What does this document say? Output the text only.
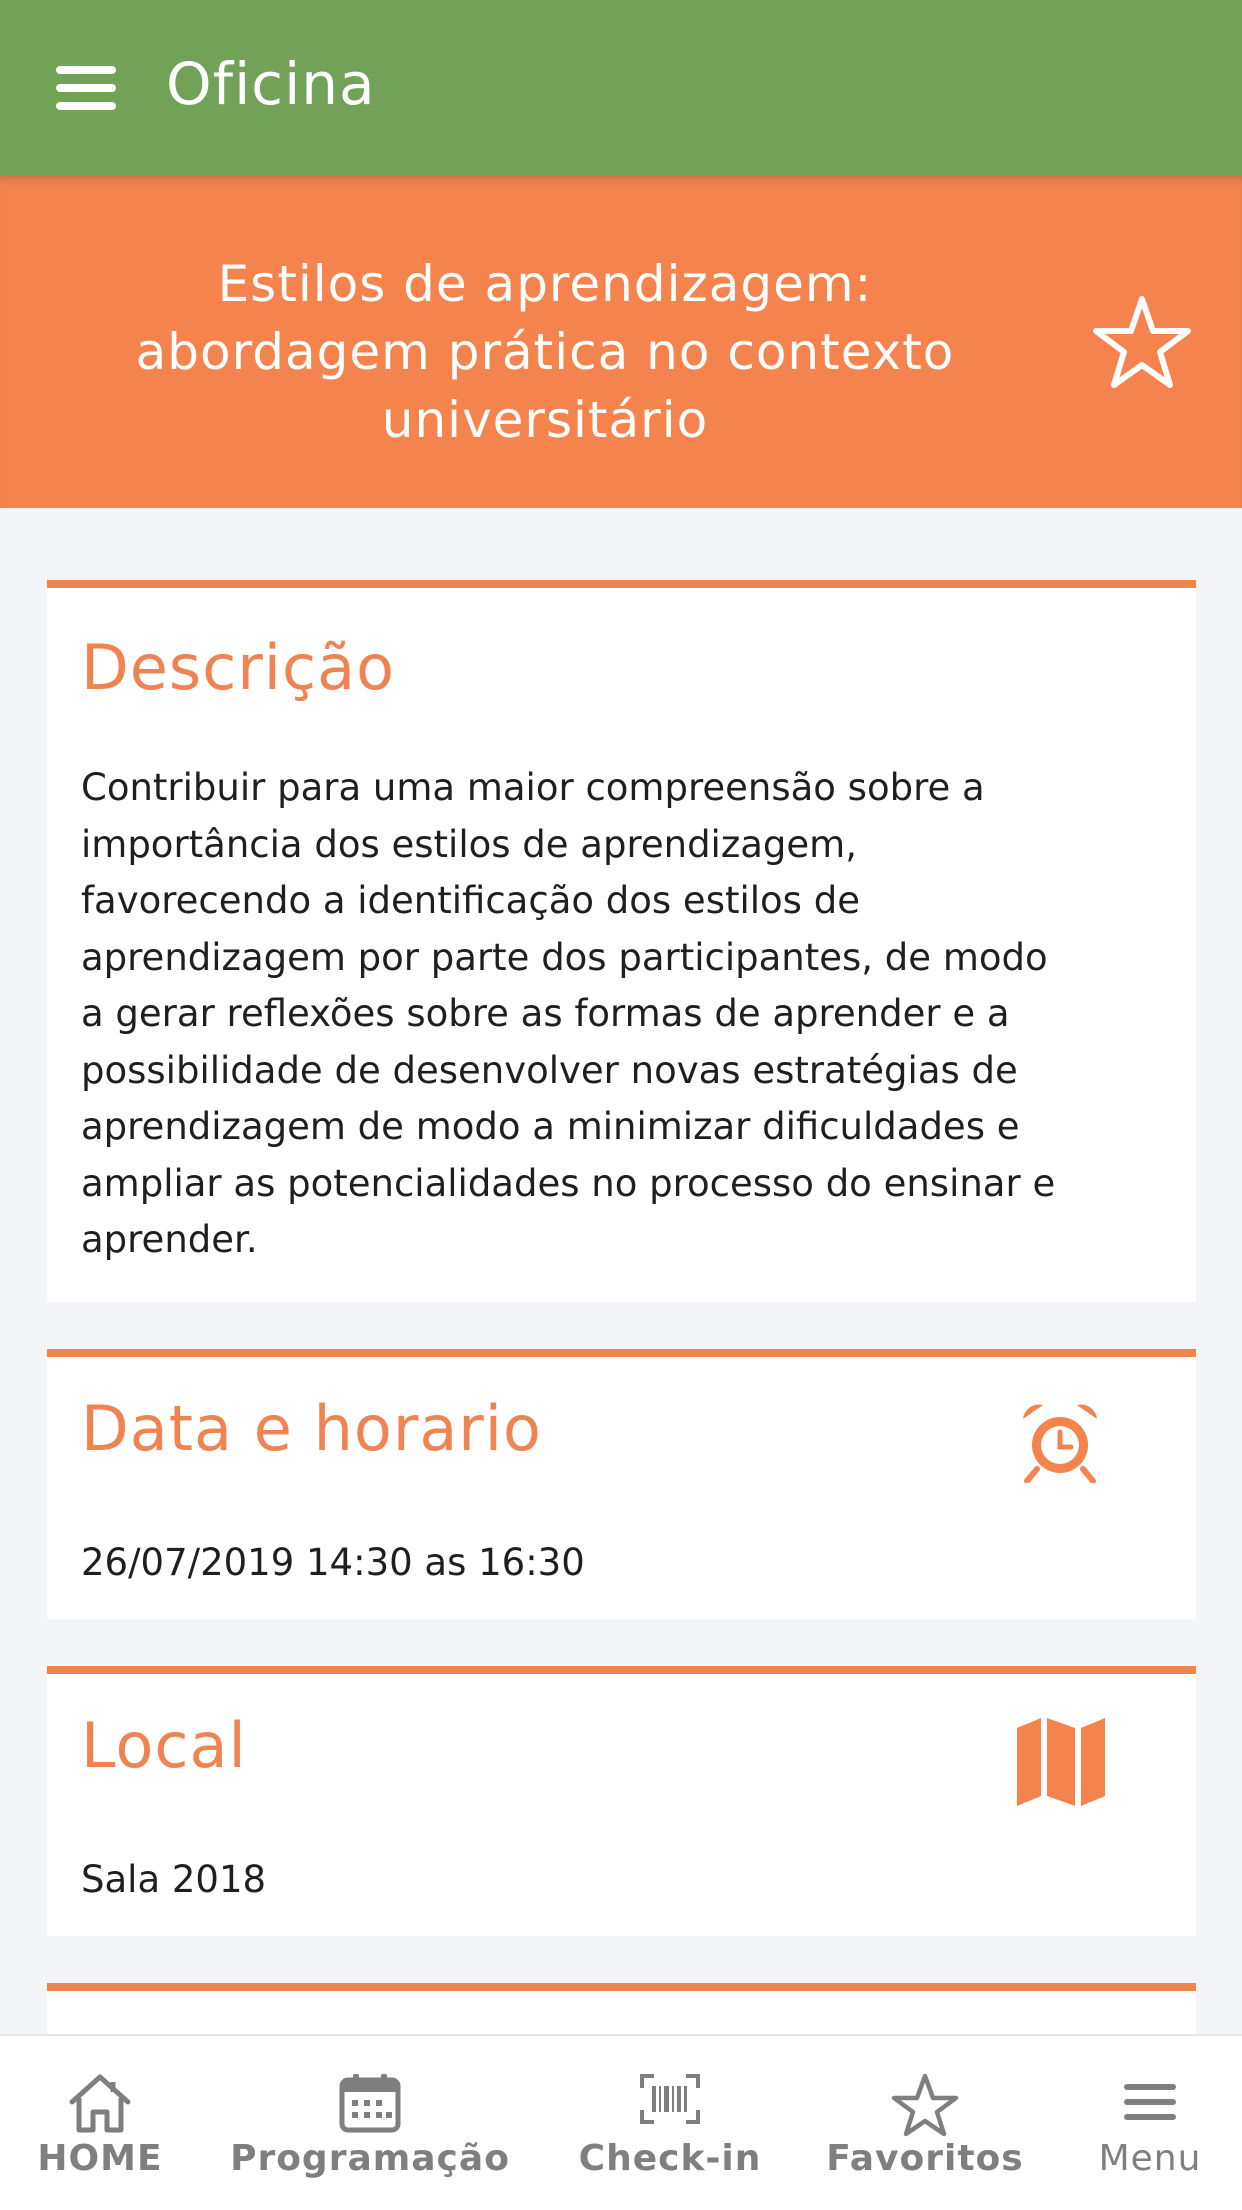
Oficina
Estilos de aprendizagem:
abordagem prática no contexto
universitário
Descrição
Contribuir para uma maior compreensão sobre a
importância dos estilos de aprendizagem,
favorecendo a identificação dos estilos de
aprendizagem por parte dos participantes, de modo
a gerar reflexões sobre as formas de aprender e a
possibilidade de desenvolver novas estratégias de
aprendizagem de modo a minimizar dificuldades e
ampliar as potencialidades no processo do ensinar e
aprender.
Data e horario
26/07/2019 14:30 as 16:30
Local
Sala 2018
HOME	Programação	Check-in	Favoritos	Menu
